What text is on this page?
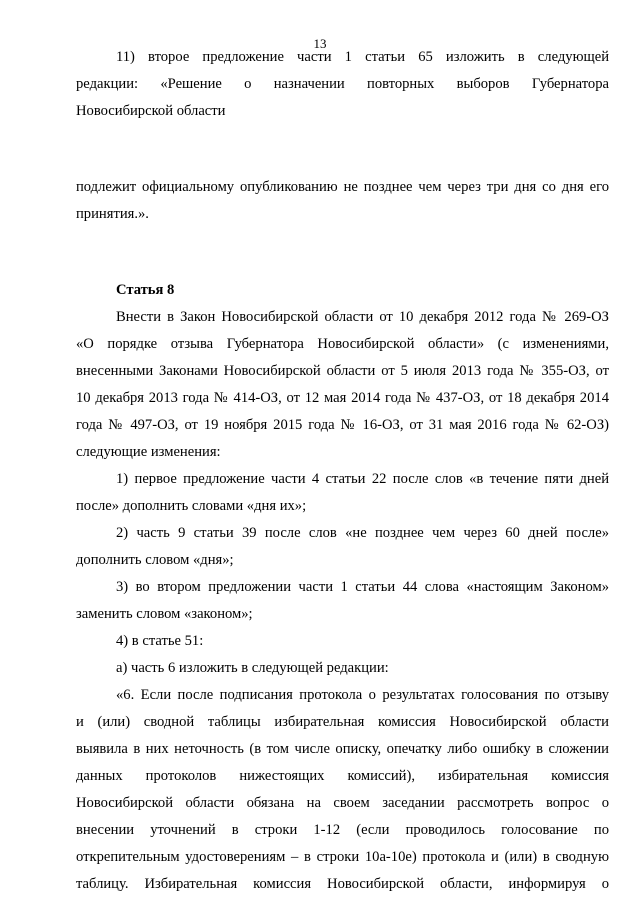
13
11) второе предложение части 1 статьи 65 изложить в следующей
редакции: «Решение о назначении повторных выборов Губернатора
Новосибирской области
подлежит официальному опубликованию не позднее чем через три дня со дня его
принятия.».
Статья 8
Внести в Закон Новосибирской области от 10 декабря 2012 года № 269-ОЗ
«О порядке отзыва Губернатора Новосибирской области» (с изменениями,
внесенными Законами Новосибирской области от 5 июля 2013 года № 355-ОЗ, от
10 декабря 2013 года № 414-ОЗ, от 12 мая 2014 года № 437-ОЗ, от 18 декабря 2014
года № 497-ОЗ, от 19 ноября 2015 года № 16-ОЗ, от 31 мая 2016 года № 62-ОЗ)
следующие изменения:
1) первое предложение части 4 статьи 22 после слов «в течение пяти дней
после» дополнить словами «дня их»;
2) часть 9 статьи 39 после слов «не позднее чем через 60 дней после»
дополнить словом «дня»;
3) во втором предложении части 1 статьи 44 слова «настоящим Законом»
заменить словом «законом»;
4) в статье 51:
а) часть 6 изложить в следующей редакции:
«6. Если после подписания протокола о результатах голосования по отзыву
и (или) сводной таблицы избирательная комиссия Новосибирской области
выявила в них неточность (в том числе описку, опечатку либо ошибку в сложении
данных протоколов нижестоящих комиссий), избирательная комиссия
Новосибирской области обязана на своем заседании рассмотреть вопрос о
внесении уточнений в строки 1-12 (если проводилось голосование по
открепительным удостоверениям – в строки 10а-10е) протокола и (или) в сводную
таблицу. Избирательная комиссия Новосибирской области, информируя о
